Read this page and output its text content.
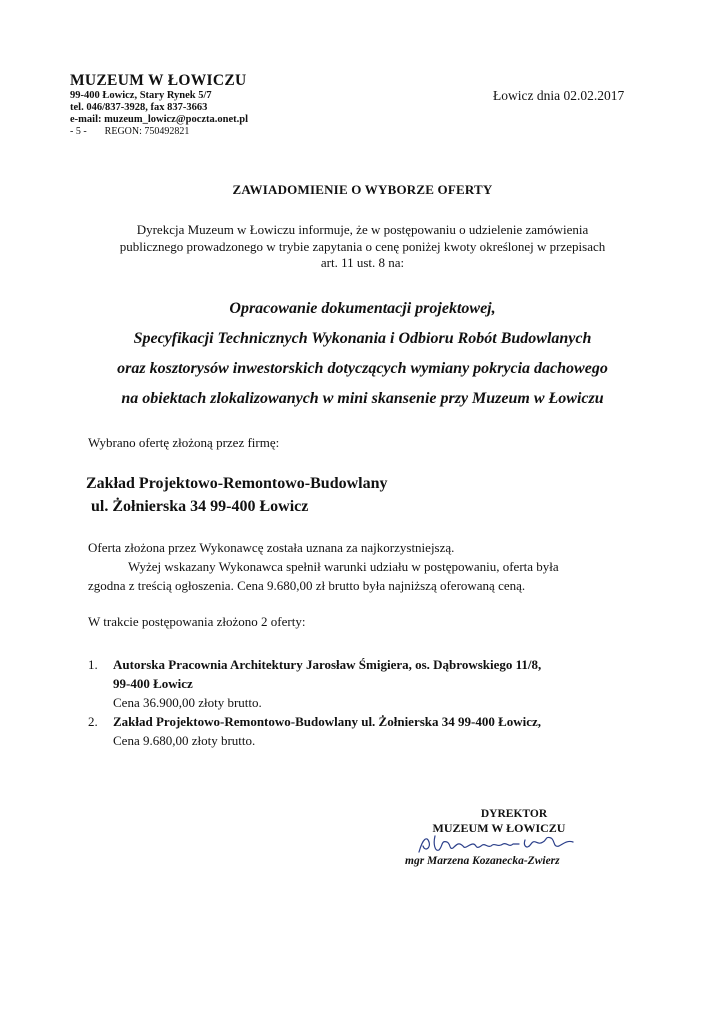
MUZEUM W ŁOWICZU
99-400 Łowicz, Stary Rynek 5/7
tel. 046/837-3928, fax 837-3663
e-mail: muzeum_lowicz@poczta.onet.pl
- 5 - REGON: 750492821
Łowicz dnia 02.02.2017
ZAWIADOMIENIE O WYBORZE OFERTY
Dyrekcja Muzeum w Łowiczu informuje, że w postępowaniu o udzielenie zamówienia
publicznego prowadzonego w trybie zapytania o cenę poniżej kwoty określonej w przepisach
art. 11 ust. 8 na:
Opracowanie dokumentacji projektowej,
Specyfikacji Technicznych Wykonania i Odbioru Robót Budowlanych
oraz kosztorysów inwestorskich dotyczących wymiany pokrycia dachowego
na obiektach zlokalizowanych w mini skansenie przy Muzeum w Łowiczu
Wybrano ofertę złożoną przez firmę:
Zakład Projektowo-Remontowo-Budowlany
ul. Żołnierska 34 99-400 Łowicz
Oferta złożona przez Wykonawcę została uznana za najkorzystniejszą.
Wyżej wskazany Wykonawca spełnił warunki udziału w postępowaniu, oferta była
zgodna z treścią ogłoszenia. Cena 9.680,00 zł brutto była najniższą oferowaną ceną.
W trakcie postępowania złożono 2 oferty:
1. Autorska Pracownia Architektury Jarosław Śmigiera, os. Dąbrowskiego 11/8,
99-400 Łowicz
Cena 36.900,00 złoty brutto.
2. Zakład Projektowo-Remontowo-Budowlany ul. Żołnierska 34 99-400 Łowicz,
Cena 9.680,00 złoty brutto.
DYREKTOR
MUZEUM W ŁOWICZU
mgr Marzena Kozanecka-Zwierz
